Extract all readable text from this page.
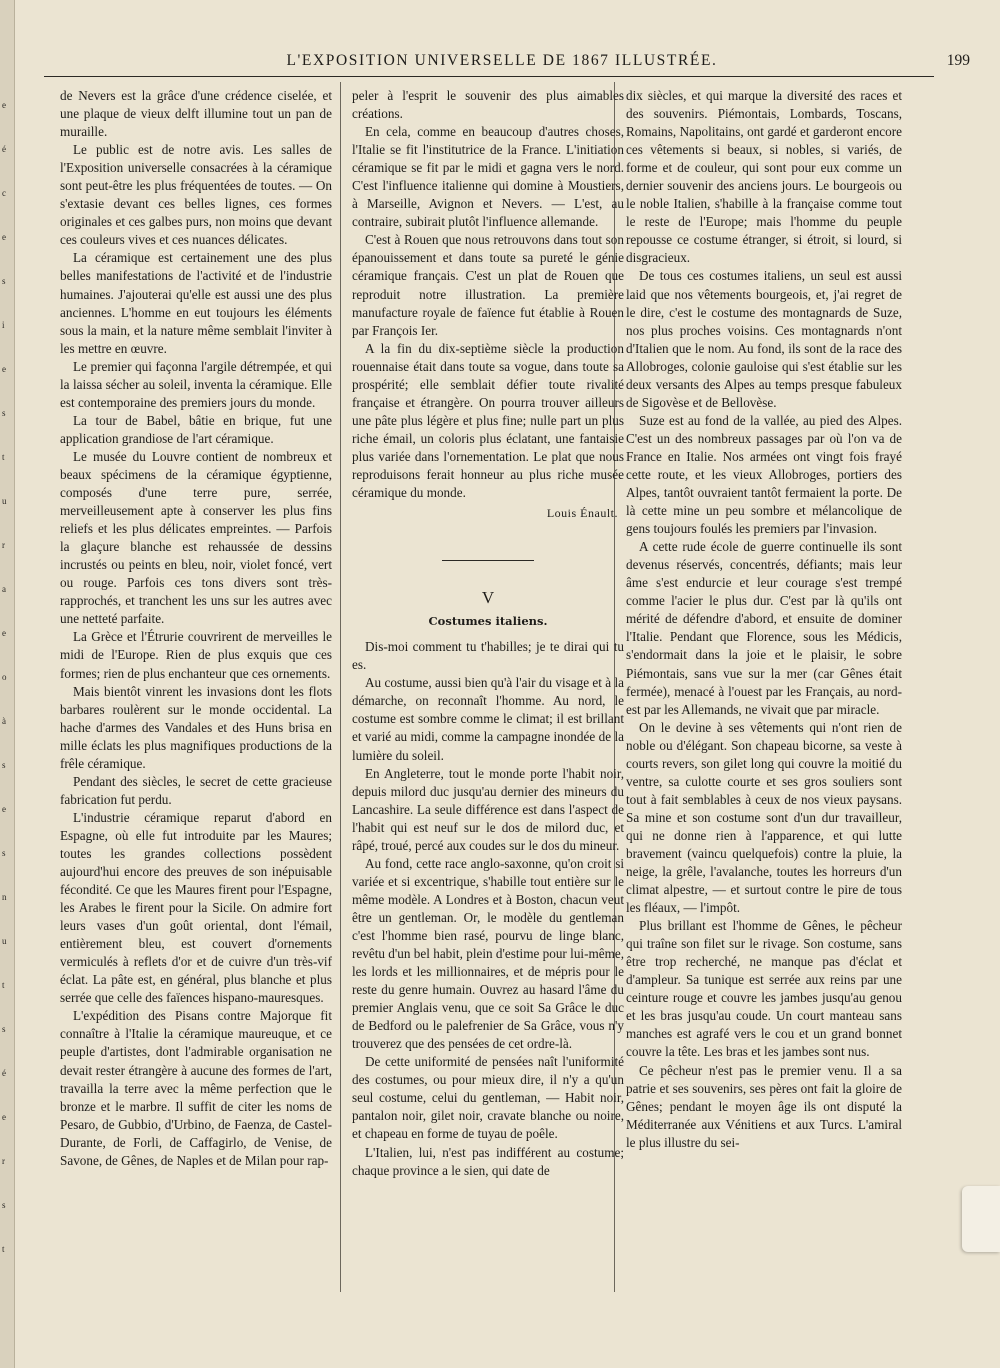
L'EXPOSITION UNIVERSELLE DE 1867 ILLUSTRÉE.	199

de Nevers est la grâce d'une crédence ciselée, et une plaque de vieux delft illumine tout un pan de muraille.

Le public est de notre avis. Les salles de l'Exposition universelle consacrées à la céramique sont peut-être les plus fréquentées de toutes. — On s'extasie devant ces belles lignes, ces formes originales et ces galbes purs, non moins que devant ces couleurs vives et ces nuances délicates.

La céramique est certainement une des plus belles manifestations de l'activité et de l'industrie humaines. J'ajouterai qu'elle est aussi une des plus anciennes. L'homme en eut toujours les éléments sous la main, et la nature même semblait l'inviter à les mettre en œuvre.

Le premier qui façonna l'argile détrempée, et qui la laissa sécher au soleil, inventa la céramique. Elle est contemporaine des premiers jours du monde.

La tour de Babel, bâtie en brique, fut une application grandiose de l'art céramique.

Le musée du Louvre contient de nombreux et beaux spécimens de la céramique égyptienne, composés d'une terre pure, serrée, merveilleusement apte à conserver les plus fins reliefs et les plus délicates empreintes. — Parfois la glaçure blanche est rehaussée de dessins incrustés ou peints en bleu, noir, violet foncé, vert ou rouge. Parfois ces tons divers sont très-rapprochés, et tranchent les uns sur les autres avec une netteté parfaite.

La Grèce et l'Étrurie couvrirent de merveilles le midi de l'Europe. Rien de plus exquis que ces formes; rien de plus enchanteur que ces ornements.

Mais bientôt vinrent les invasions dont les flots barbares roulèrent sur le monde occidental. La hache d'armes des Vandales et des Huns brisa en mille éclats les plus magnifiques productions de la frêle céramique.

Pendant des siècles, le secret de cette gracieuse fabrication fut perdu.

L'industrie céramique reparut d'abord en Espagne, où elle fut introduite par les Maures; toutes les grandes collections possèdent aujourd'hui encore des preuves de son inépuisable fécondité. Ce que les Maures firent pour l'Espagne, les Arabes le firent pour la Sicile. On admire fort leurs vases d'un goût oriental, dont l'émail, entièrement bleu, est couvert d'ornements vermiculés à reflets d'or et de cuivre d'un très-vif éclat. La pâte est, en général, plus blanche et plus serrée que celle des faïences hispano-mauresques.

L'expédition des Pisans contre Majorque fit connaître à l'Italie la céramique maureuque, et ce peuple d'artistes, dont l'admirable organisation ne devait rester étrangère à aucune des formes de l'art, travailla la terre avec la même perfection que le bronze et le marbre. Il suffit de citer les noms de Pesaro, de Gubbio, d'Urbino, de Faenza, de Castel-Durante, de Forli, de Caffagirlo, de Venise, de Savone, de Gênes, de Naples et de Milan pour rap-

peler à l'esprit le souvenir des plus aimables créations.

En cela, comme en beaucoup d'autres choses, l'Italie se fit l'institutrice de la France. L'initiation céramique se fit par le midi et gagna vers le nord. C'est l'influence italienne qui domine à Moustiers, à Marseille, Avignon et Nevers. — L'est, au contraire, subirait plutôt l'influence allemande.

C'est à Rouen que nous retrouvons dans tout son épanouissement et dans toute sa pureté le génie céramique français. C'est un plat de Rouen que reproduit notre illustration. La première manufacture royale de faïence fut établie à Rouen par François Ier.

A la fin du dix-septième siècle la production rouennaise était dans toute sa vogue, dans toute sa prospérité; elle semblait défier toute rivalité française et étrangère. On pourra trouver ailleurs une pâte plus légère et plus fine; nulle part un plus riche émail, un coloris plus éclatant, une fantaisie plus variée dans l'ornementation. Le plat que nous reproduisons ferait honneur au plus riche musée céramique du monde.

Louis Énault.
V
Costumes italiens.

Dis-moi comment tu t'habilles; je te dirai qui tu es.

Au costume, aussi bien qu'à l'air du visage et à la démarche, on reconnaît l'homme. Au nord, le costume est sombre comme le climat; il est brillant et varié au midi, comme la campagne inondée de la lumière du soleil.

En Angleterre, tout le monde porte l'habit noir, depuis milord duc jusqu'au dernier des mineurs du Lancashire. La seule différence est dans l'aspect de l'habit qui est neuf sur le dos de milord duc, et râpé, troué, percé aux coudes sur le dos du mineur.

Au fond, cette race anglo-saxonne, qu'on croit si variée et si excentrique, s'habille tout entière sur le même modèle. A Londres et à Boston, chacun veut être un gentleman. Or, le modèle du gentleman c'est l'homme bien rasé, pourvu de linge blanc, revêtu d'un bel habit, plein d'estime pour lui-même, les lords et les millionnaires, et de mépris pour le reste du genre humain. Ouvrez au hasard l'âme du premier Anglais venu, que ce soit Sa Grâce le duc de Bedford ou le palefrenier de Sa Grâce, vous n'y trouverez que des pensées de cet ordre-là.

De cette uniformité de pensées naît l'uniformité des costumes, ou pour mieux dire, il n'y a qu'un seul costume, celui du gentleman, — Habit noir, pantalon noir, gilet noir, cravate blanche ou noire, et chapeau en forme de tuyau de poêle.

L'Italien, lui, n'est pas indifférent au costume; chaque province a le sien, qui date de

dix siècles, et qui marque la diversité des races et des souvenirs. Piémontais, Lombards, Toscans, Romains, Napolitains, ont gardé et garderont encore ces vêtements si beaux, si nobles, si variés, de forme et de couleur, qui sont pour eux comme un dernier souvenir des anciens jours. Le bourgeois ou le noble Italien, s'habille à la française comme tout le reste de l'Europe; mais l'homme du peuple repousse ce costume étranger, si étroit, si lourd, si disgracieux.

De tous ces costumes italiens, un seul est aussi laid que nos vêtements bourgeois, et, j'ai regret de le dire, c'est le costume des montagnards de Suze, nos plus proches voisins. Ces montagnards n'ont d'Italien que le nom. Au fond, ils sont de la race des Allobroges, colonie gauloise qui s'est établie sur les deux versants des Alpes au temps presque fabuleux de Sigovèse et de Bellovèse.

Suze est au fond de la vallée, au pied des Alpes. C'est un des nombreux passages par où l'on va de France en Italie. Nos armées ont vingt fois frayé cette route, et les vieux Allobroges, portiers des Alpes, tantôt ouvraient tantôt fermaient la porte. De là cette mine un peu sombre et mélancolique de gens toujours foulés les premiers par l'invasion.

A cette rude école de guerre continuelle ils sont devenus réservés, concentrés, défiants; mais leur âme s'est endurcie et leur courage s'est trempé comme l'acier le plus dur. C'est par là qu'ils ont mérité de défendre d'abord, et ensuite de dominer l'Italie. Pendant que Florence, sous les Médicis, s'endormait dans la joie et le plaisir, le sobre Piémontais, sans vue sur la mer (car Gênes était fermée), menacé à l'ouest par les Français, au nord-est par les Allemands, ne vivait que par miracle.

On le devine à ses vêtements qui n'ont rien de noble ou d'élégant. Son chapeau bicorne, sa veste à courts revers, son gilet long qui couvre la moitié du ventre, sa culotte courte et ses gros souliers sont tout à fait semblables à ceux de nos vieux paysans. Sa mine et son costume sont d'un dur travailleur, qui ne donne rien à l'apparence, et qui lutte bravement (vaincu quelquefois) contre la pluie, la neige, la grêle, l'avalanche, toutes les horreurs d'un climat alpestre, — et surtout contre le pire de tous les fléaux, — l'impôt.

Plus brillant est l'homme de Gênes, le pêcheur qui traîne son filet sur le rivage. Son costume, sans être trop recherché, ne manque pas d'éclat et d'ampleur. Sa tunique est serrée aux reins par une ceinture rouge et couvre les jambes jusqu'au genou et les bras jusqu'au coude. Un court manteau sans manches est agrafé vers le cou et un grand bonnet couvre la tête. Les bras et les jambes sont nus.

Ce pêcheur n'est pas le premier venu. Il a sa patrie et ses souvenirs, ses pères ont fait la gloire de Gênes; pendant le moyen âge ils ont disputé la Méditerranée aux Vénitiens et aux Turcs. L'amiral le plus illustre du sei-

e
é
c
e
s
i
e
s
t
u
r
a
e
o
à
s
e
s
n
u
t
s
é
e
r
s
t
